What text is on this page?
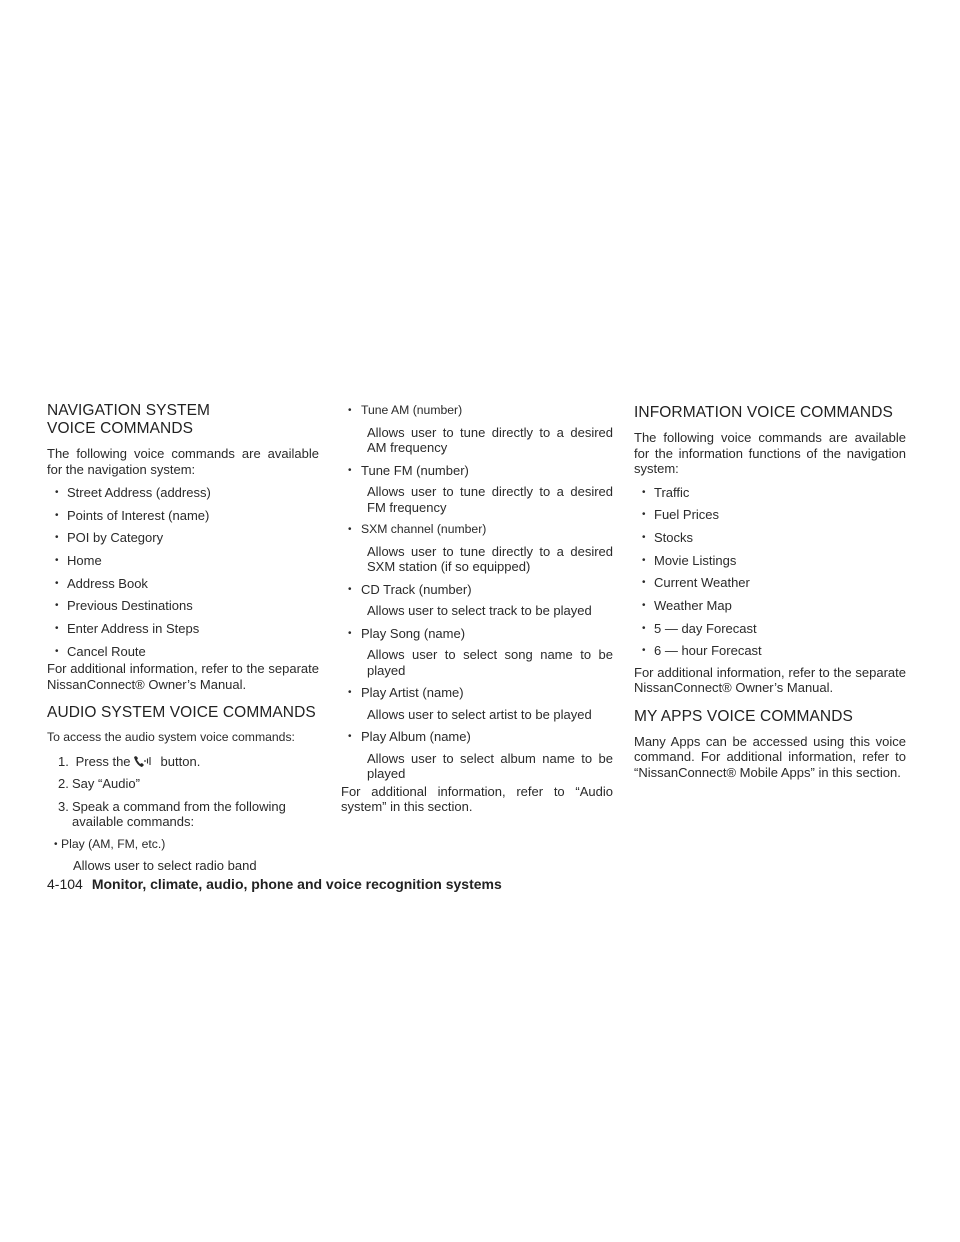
NAVIGATION SYSTEM
VOICE COMMANDS

The following voice commands are available for the navigation system:

• Street Address (address)
• Points of Interest (name)
• POI by Category
• Home
• Address Book
• Previous Destinations
• Enter Address in Steps
• Cancel Route

For additional information, refer to the separate NissanConnect® Owner’s Manual.

AUDIO SYSTEM VOICE COMMANDS

To access the audio system voice commands:

1. Press the button.
2. Say “Audio”
3. Speak a command from the following available commands:
• Play (AM, FM, etc.)
Allows user to select radio band
• Tune AM (number)
Allows user to tune directly to a desired AM frequency
• Tune FM (number)
Allows user to tune directly to a desired FM frequency
• SXM channel (number)
Allows user to tune directly to a desired SXM station (if so equipped)
• CD Track (number)
Allows user to select track to be played
• Play Song (name)
Allows user to select song name to be played
• Play Artist (name)
Allows user to select artist to be played
• Play Album (name)
Allows user to select album name to be played

For additional information, refer to “Audio system” in this section.

INFORMATION VOICE COMMANDS

The following voice commands are available for the information functions of the navigation system:

• Traffic
• Fuel Prices
• Stocks
• Movie Listings
• Current Weather
• Weather Map
• 5 — day Forecast
• 6 — hour Forecast

For additional information, refer to the separate NissanConnect® Owner’s Manual.

MY APPS VOICE COMMANDS

Many Apps can be accessed using this voice command. For additional information, refer to “NissanConnect® Mobile Apps” in this section.

4-104 Monitor, climate, audio, phone and voice recognition systems
